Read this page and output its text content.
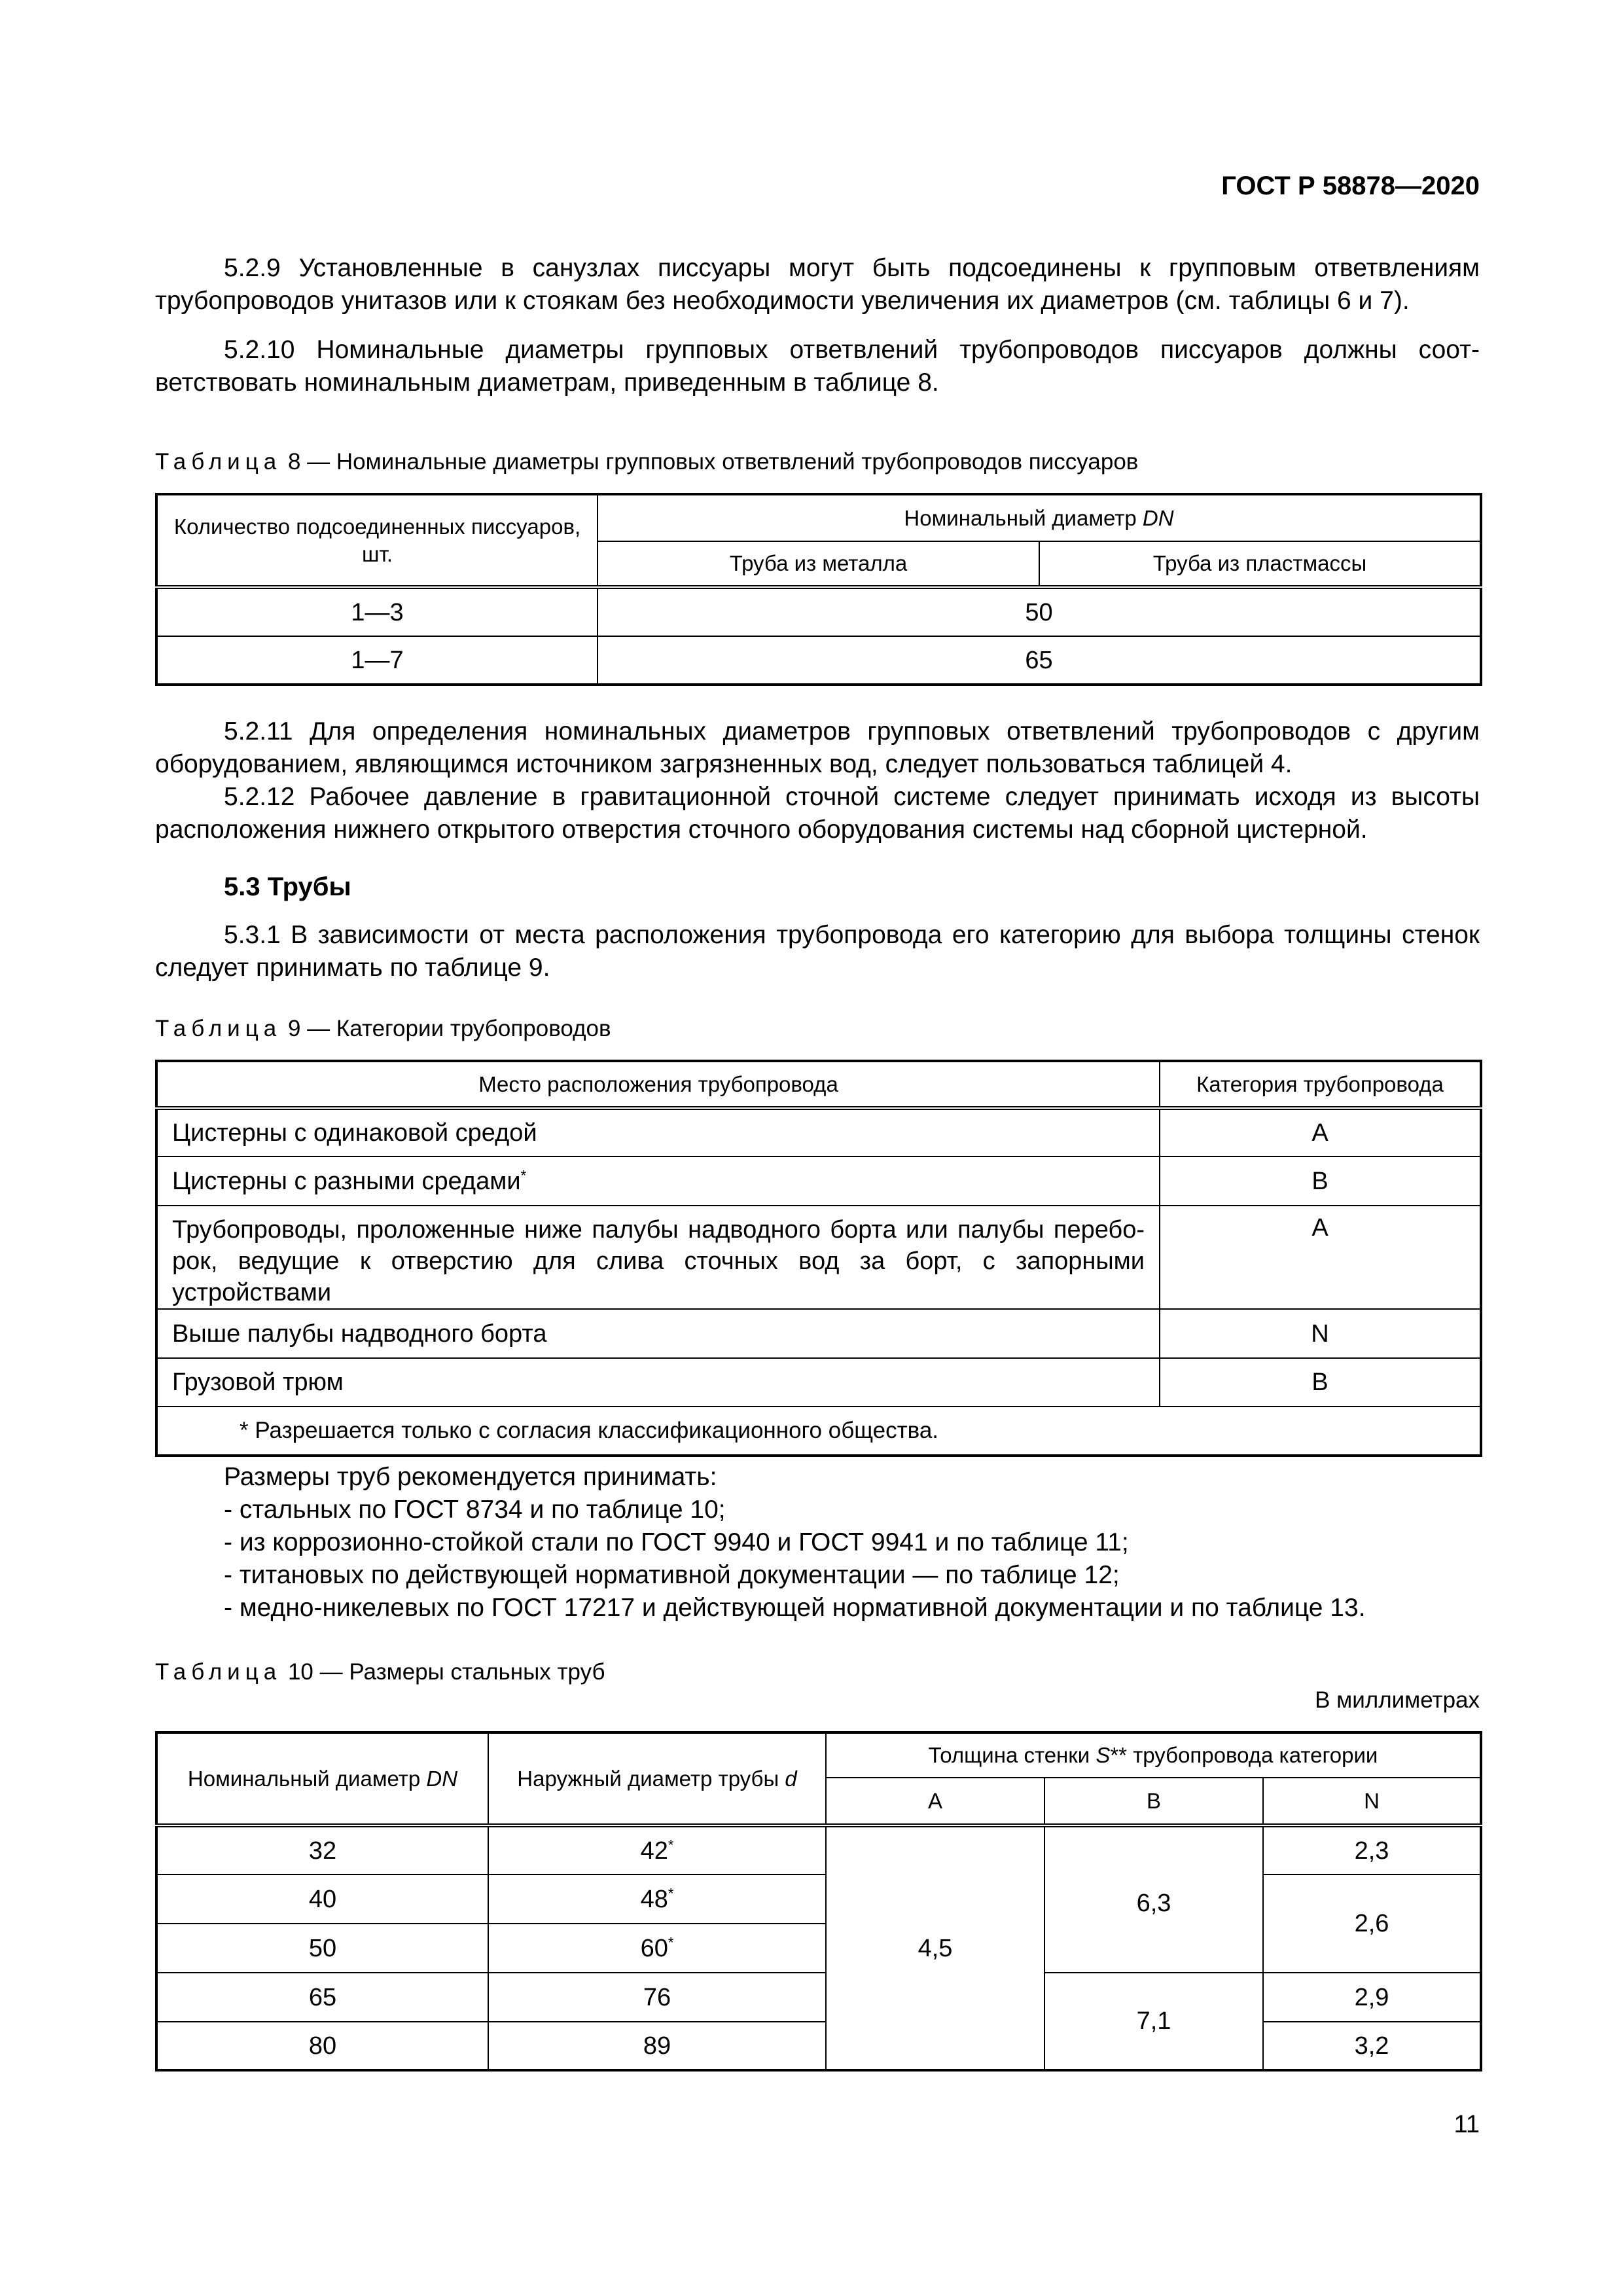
ГОСТ Р 58878—2020
5.2.9 Установленные в санузлах писсуары могут быть подсоединены к групповым ответвлениям трубопроводов унитазов или к стоякам без необходимости увеличения их диаметров (см. таблицы 6 и 7).
5.2.10 Номинальные диаметры групповых ответвлений трубопроводов писсуаров должны соответствовать номинальным диаметрам, приведенным в таблице 8.
Таблица 8 — Номинальные диаметры групповых ответвлений трубопроводов писсуаров
Количество подсоединенных писсуаров, шт.	Номинальный диаметр DN	
	Труба из металла	Труба из пластмассы
1—3	50	
1—7	65	
5.2.11 Для определения номинальных диаметров групповых ответвлений трубопроводов с другим оборудованием, являющимся источником загрязненных вод, следует пользоваться таблицей 4.
5.2.12 Рабочее давление в гравитационной сточной системе следует принимать исходя из высоты расположения нижнего открытого отверстия сточного оборудования системы над сборной цистерной.
5.3 Трубы
5.3.1 В зависимости от места расположения трубопровода его категорию для выбора толщины стенок следует принимать по таблице 9.
Таблица 9 — Категории трубопроводов
Место расположения трубопровода	Категория трубопровода
Цистерны с одинаковой средой	A
Цистерны с разными средами*	B
Трубопроводы, проложенные ниже палубы надводного борта или палубы переборок, ведущие к отверстию для слива сточных вод за борт, с запорными устройствами	A
Выше палубы надводного борта	N
Грузовой трюм	B
* Разрешается только с согласия классификационного общества.	
Размеры труб рекомендуется принимать:
- стальных по ГОСТ 8734 и по таблице 10;
- из коррозионно-стойкой стали по ГОСТ 9940 и ГОСТ 9941 и по таблице 11;
- титановых по действующей нормативной документации — по таблице 12;
- медно-никелевых по ГОСТ 17217 и действующей нормативной документации и по таблице 13.
Таблица 10 — Размеры стальных труб
В миллиметрах
Номинальный диаметр DN	Наружный диаметр трубы d	Толщина стенки S** трубопровода категории		
		A	B	N
32	42*	4,5	6,3	2,3
40	48*			2,6
50	60*
65	76		7,1	2,9
80	89			3,2
11
